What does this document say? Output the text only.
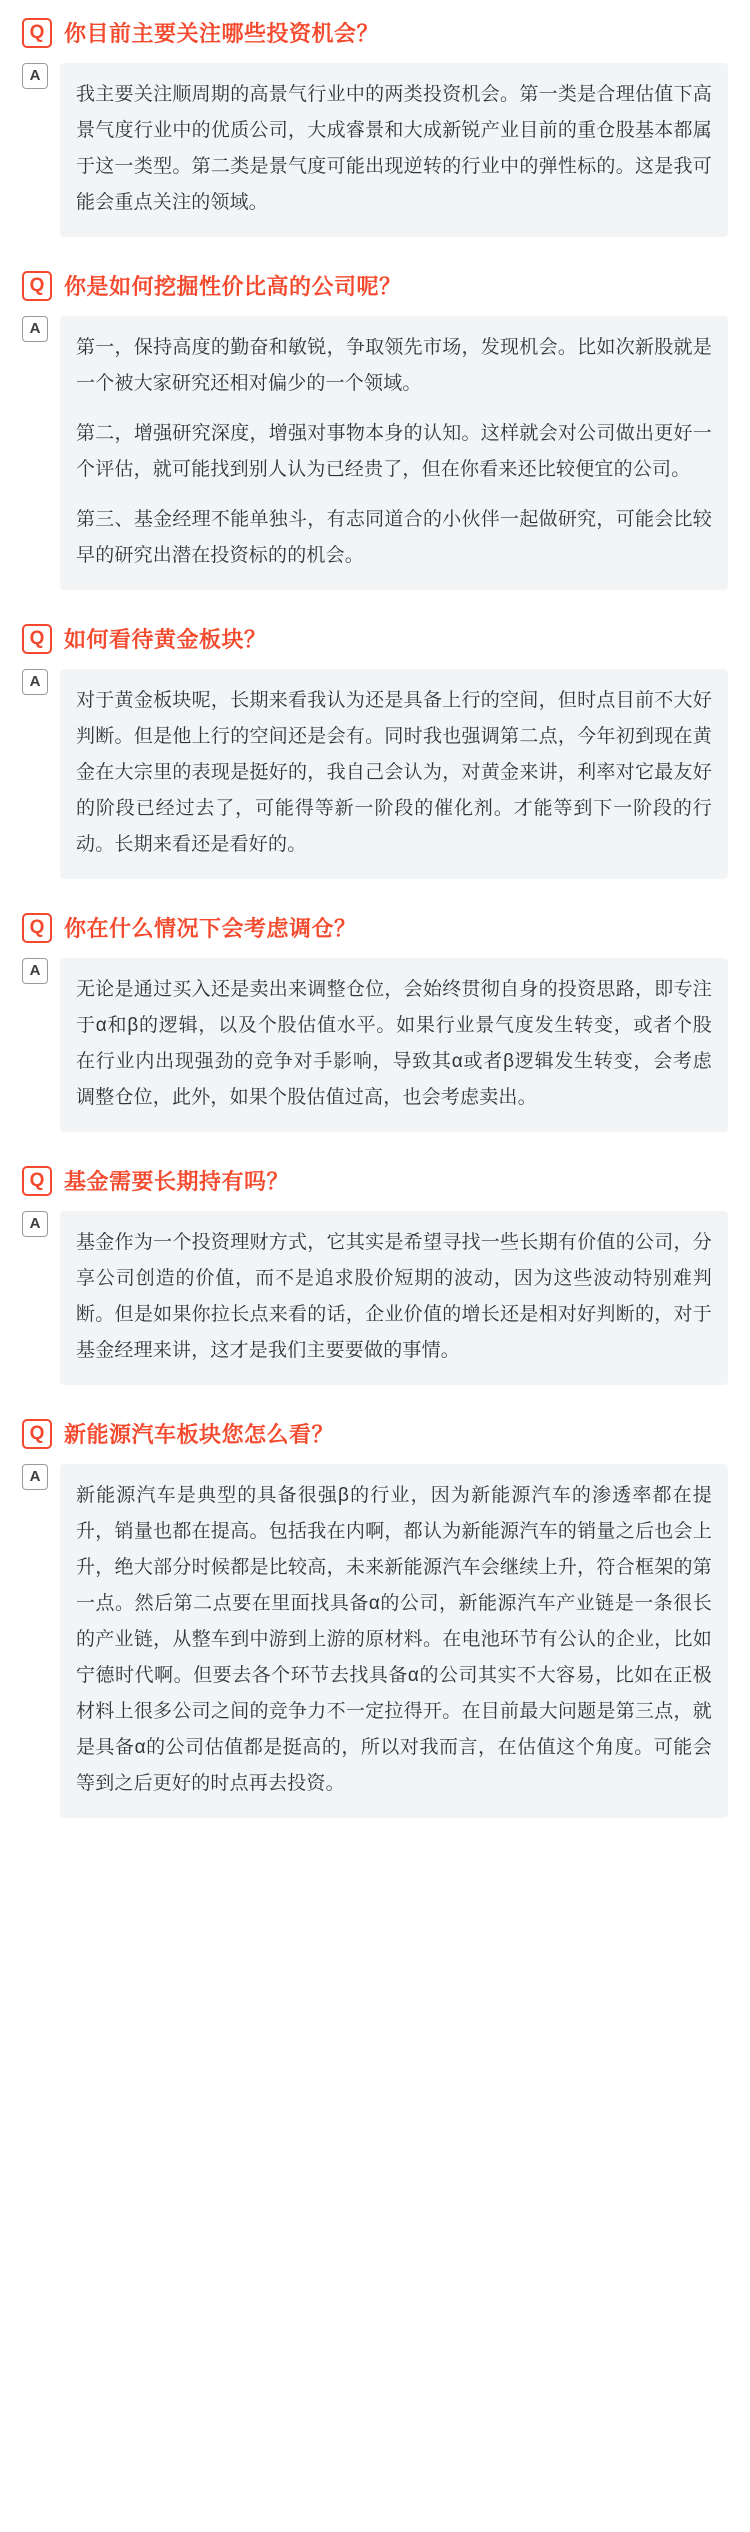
Q 你目前主要关注哪些投资机会？
A

我主要关注顺周期的高景气行业中的两类投资机会。第一类是合理估值下高景气度行业中的优质公司，大成睿景和大成新锐产业目前的重仓股基本都属于这一类型。第二类是景气度可能出现逆转的行业中的弹性标的。这是我可能会重点关注的领域。

Q 你是如何挖掘性价比高的公司呢？
A

第一，保持高度的勤奋和敏锐，争取领先市场，发现机会。比如次新股就是一个被大家研究还相对偏少的一个领域。

第二，增强研究深度，增强对事物本身的认知。这样就会对公司做出更好一个评估，就可能找到别人认为已经贵了，但在你看来还比较便宜的公司。

第三、基金经理不能单独斗，有志同道合的小伙伴一起做研究，可能会比较早的研究出潜在投资标的的机会。

Q 如何看待黄金板块？
A

对于黄金板块呢，长期来看我认为还是具备上行的空间，但时点目前不大好判断。但是他上行的空间还是会有。同时我也强调第二点，今年初到现在黄金在大宗里的表现是挺好的，我自己会认为，对黄金来讲，利率对它最友好的阶段已经过去了，可能得等新一阶段的催化剂。才能等到下一阶段的行动。长期来看还是看好的。

Q 你在什么情况下会考虑调仓？
A

无论是通过买入还是卖出来调整仓位，会始终贯彻自身的投资思路，即专注于α和β的逻辑，以及个股估值水平。如果行业景气度发生转变，或者个股在行业内出现强劲的竞争对手影响，导致其α或者β逻辑发生转变，会考虑调整仓位，此外，如果个股估值过高，也会考虑卖出。

Q 基金需要长期持有吗？
A

基金作为一个投资理财方式，它其实是希望寻找一些长期有价值的公司，分享公司创造的价值，而不是追求股价短期的波动，因为这些波动特别难判断。但是如果你拉长点来看的话，企业价值的增长还是相对好判断的，对于基金经理来讲，这才是我们主要要做的事情。

Q 新能源汽车板块您怎么看？
A

新能源汽车是典型的具备很强β的行业，因为新能源汽车的渗透率都在提升，销量也都在提高。包括我在内啊，都认为新能源汽车的销量之后也会上升，绝大部分时候都是比较高，未来新能源汽车会继续上升，符合框架的第一点。然后第二点要在里面找具备α的公司，新能源汽车产业链是一条很长的产业链，从整车到中游到上游的原材料。在电池环节有公认的企业，比如宁德时代啊。但要去各个环节去找具备α的公司其实不大容易，比如在正极材料上很多公司之间的竞争力不一定拉得开。在目前最大问题是第三点，就是具备α的公司估值都是挺高的，所以对我而言，在估值这个角度。可能会等到之后更好的时点再去投资。
